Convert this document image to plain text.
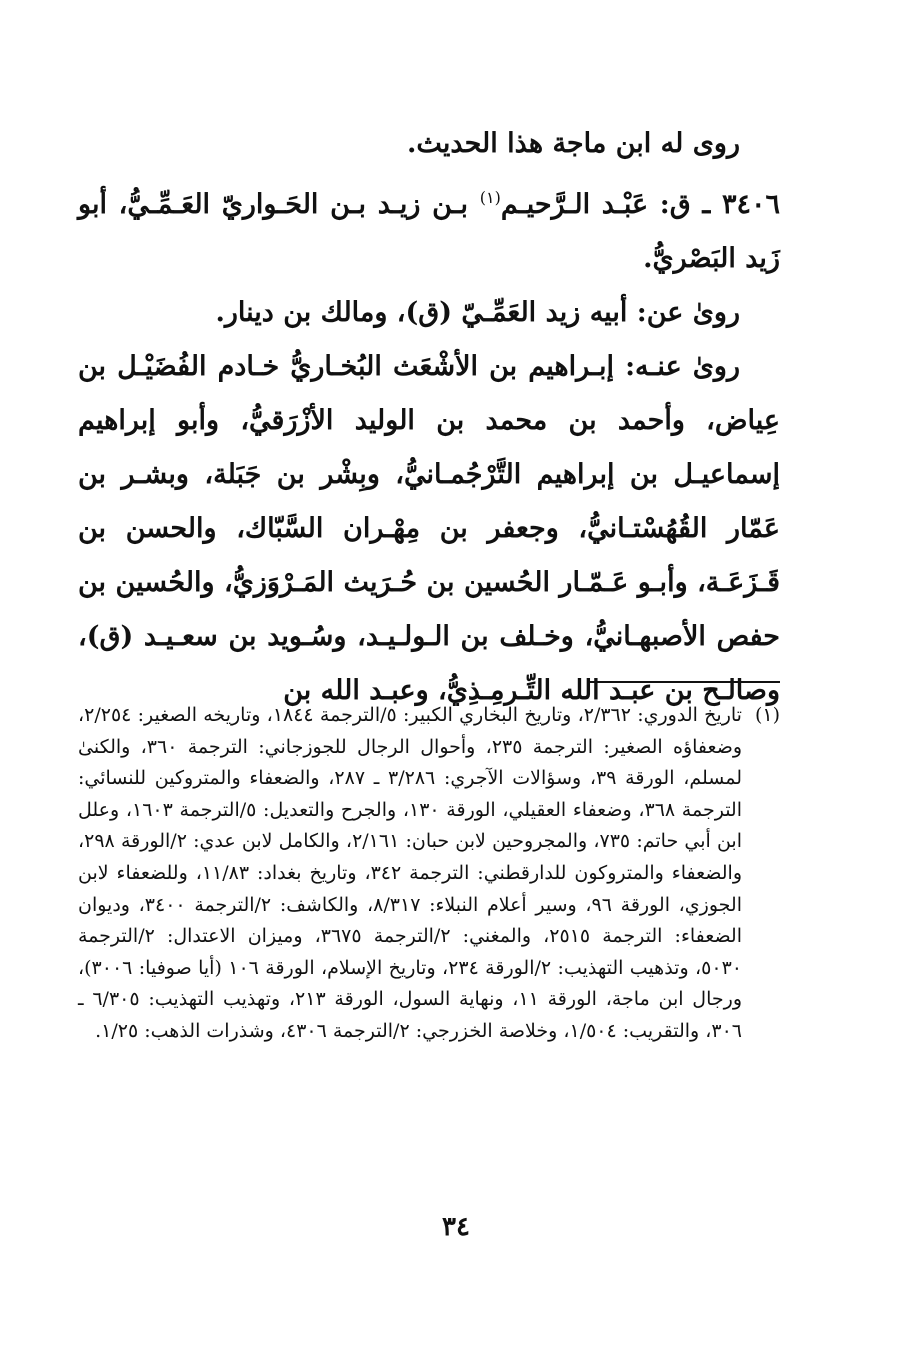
روى له ابن ماجة هذا الحديث.

٣٤٠٦ ـ ق: عَبْـد الـرَّحيـم$^{(١)}$ بـن زيـد بـن الحَـواريّ العَـمِّـيُّ، أبو زَيد البَصْريُّ.

روىٰ عن: أبيه زيد العَمِّـيّ (ق)، ومالك بن دينار.

روىٰ عنـه: إبـراهيم بن الأشْعَث البُخـاريُّ خـادم الفُضَيْـل بن عِياض، وأحمد بن محمد بن الوليد الأزْرَقيُّ، وأبو إبراهيم إسماعيـل بن إبراهيم التَّرْجُمـانيُّ، وبِشْر بن جَبَلة، وبشـر بن عَمّار القُهُسْتـانيُّ، وجعفر بن مِهْـران السَّبّاك، والحسن بن قَـزَعَـة، وأبـو عَـمّـار الحُسين بن حُـرَيث المَـرْوَزيُّ، والحُسين بن حفص الأصبهـانيُّ، وخـلف بن الـولـيـد، وسُـويد بن سعـيـد (ق)، وصالـح بن عبـد الله التِّـرمِـذِيُّ، وعبـد الله بن

(١)

تاريخ الدوري: ٢/٣٦٢، وتاريخ البخاري الكبير: ٥/الترجمة ١٨٤٤، وتاريخه الصغير: ٢/٢٥٤، وضعفاؤه الصغير: الترجمة ٢٣٥، وأحوال الرجال للجوزجاني: الترجمة ٣٦٠، والكنىٰ لمسلم، الورقة ٣٩، وسؤالات الآجري: ٣/٢٨٦ ـ ٢٨٧، والضعفاء والمتروكين للنسائي: الترجمة ٣٦٨، وضعفاء العقيلي، الورقة ١٣٠، والجرح والتعديل: ٥/الترجمة ١٦٠٣، وعلل ابن أبي حاتم: ٧٣٥، والمجروحين لابن حبان: ٢/١٦١، والكامل لابن عدي: ٢/الورقة ٢٩٨، والضعفاء والمتروكون للدارقطني: الترجمة ٣٤٢، وتاريخ بغداد: ١١/٨٣، وللضعفاء لابن الجوزي، الورقة ٩٦، وسير أعلام النبلاء: ٨/٣١٧، والكاشف: ٢/الترجمة ٣٤٠٠، وديوان الضعفاء: الترجمة ٢٥١٥، والمغني: ٢/الترجمة ٣٦٧٥، وميزان الاعتدال: ٢/الترجمة ٥٠٣٠، وتذهيب التهذيب: ٢/الورقة ٢٣٤، وتاريخ الإسلام، الورقة ١٠٦ (أيا صوفيا: ٣٠٠٦)، ورجال ابن ماجة، الورقة ١١، ونهاية السول، الورقة ٢١٣، وتهذيب التهذيب: ٦/٣٠٥ ـ ٣٠٦، والتقريب: ١/٥٠٤، وخلاصة الخزرجي: ٢/الترجمة ٤٣٠٦، وشذرات الذهب: ١/٢٥.

٣٤
